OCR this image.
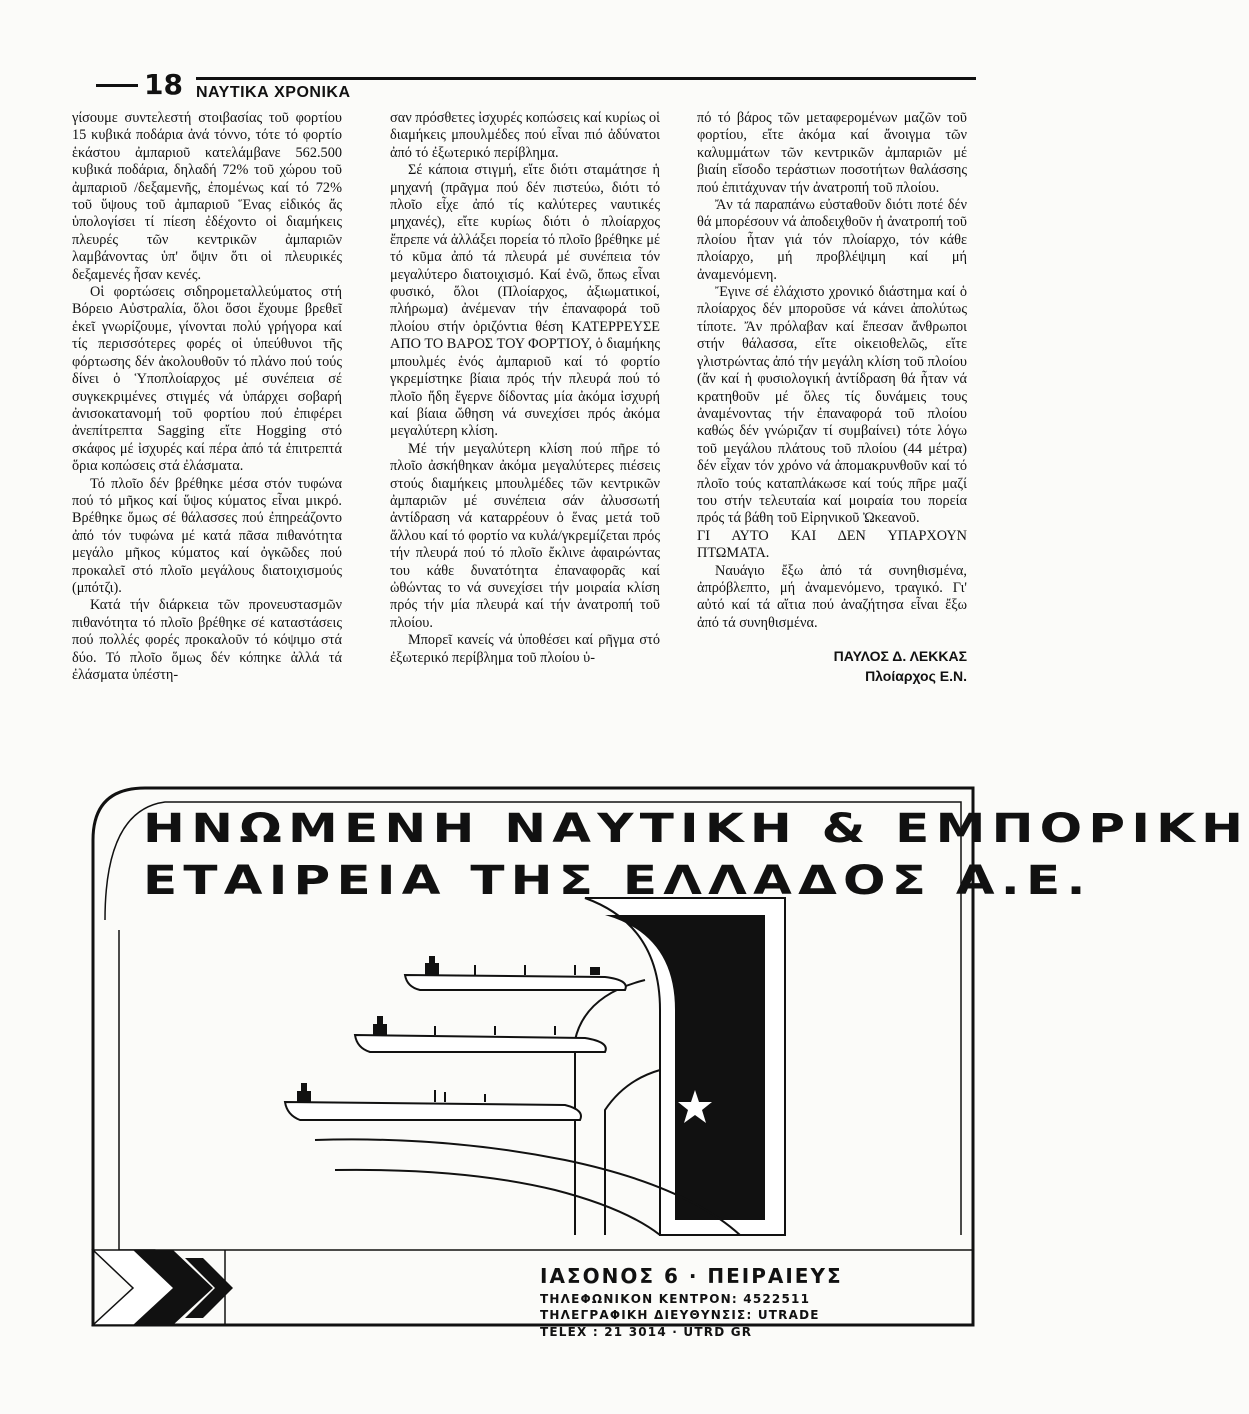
18 ΝΑΥΤΙΚΑ ΧΡΟΝΙΚΑ

γίσουμε συντελεστή στοιβασίας τοῦ φορτίου 15 κυβικά ποδάρια ἀνά τόννο, τότε τό φορτίο ἑκάστου ἀμπαριοῦ κατελάμβανε 562.500 κυβικά ποδάρια, δηλαδή 72% τοῦ χώρου τοῦ ἀμπαριοῦ /δεξαμενῆς, ἐπομένως καί τό 72% τοῦ ὕψους τοῦ ἀμπαριοῦ Ἕνας εἰδικός ἄς ὑπολογίσει τί πίεση ἐδέχοντο οἱ διαμήκεις πλευρές τῶν κεντρικῶν ἀμπαριῶν λαμβάνοντας ὑπ' ὄψιν ὅτι οἱ πλευρικές δεξαμενές ἦσαν κενές.

Οἱ φορτώσεις σιδηρομεταλλεύματος στή Βόρειο Αὐστραλία, ὅλοι ὅσοι ἔχουμε βρεθεῖ ἐκεῖ γνωρίζουμε, γίνονται πολύ γρήγορα καί τίς περισσότερες φορές οἱ ὑπεύθυνοι τῆς φόρτωσης δέν ἀκολουθοῦν τό πλάνο πού τούς δίνει ὁ Ὑποπλοίαρχος μέ συνέπεια σέ συγκεκριμένες στιγμές νά ὑπάρχει σοβαρή ἀνισοκατανομή τοῦ φορτίου πού ἐπιφέρει ἀνεπίτρεπτα Sagging εἴτε Hogging στό σκάφος μέ ἰσχυρές καί πέρα ἀπό τά ἐπιτρεπτά ὅρια κοπώσεις στά ἐλάσματα.

Τό πλοῖο δέν βρέθηκε μέσα στόν τυφώνα πού τό μῆκος καί ὕψος κύματος εἶναι μικρό. Βρέθηκε ὅμως σέ θάλασσες πού ἐπηρεάζοντο ἀπό τόν τυφώνα μέ κατά πᾶσα πιθανότητα μεγάλο μῆκος κύματος καί ὀγκῶδες πού προκαλεῖ στό πλοῖο μεγάλους διατοιχισμούς (μπότζι).

Κατά τήν διάρκεια τῶν προνευστασμῶν πιθανότητα τό πλοῖο βρέθηκε σέ καταστάσεις πού πολλές φορές προκαλοῦν τό κόψιμο στά δύο. Τό πλοῖο ὅμως δέν κόπηκε ἀλλά τά ἐλάσματα ὑπέστη-

σαν πρόσθετες ἰσχυρές κοπώσεις καί κυρίως οἱ διαμήκεις μπουλμέδες πού εἶναι πιό ἀδύνατοι ἀπό τό ἐξωτερικό περίβλημα.

Σέ κάποια στιγμή, εἴτε διότι σταμάτησε ἡ μηχανή (πρᾶγμα πού δέν πιστεύω, διότι τό πλοῖο εἶχε ἀπό τίς καλύτερες ναυτικές μηχανές), εἴτε κυρίως διότι ὁ πλοίαρχος ἔπρεπε νά ἀλλάξει πορεία τό πλοῖο βρέθηκε μέ τό κῦμα ἀπό τά πλευρά μέ συνέπεια τόν μεγαλύτερο διατοιχισμό. Καί ἐνῶ, ὅπως εἶναι φυσικό, ὅλοι (Πλοίαρχος, ἀξιωματικοί, πλήρωμα) ἀνέμεναν τήν ἐπαναφορά τοῦ πλοίου στήν ὁριζόντια θέση ΚΑΤΕΡΡΕΥΣΕ ΑΠΟ ΤΟ ΒΑΡΟΣ ΤΟΥ ΦΟΡΤΙΟΥ, ὁ διαμήκης μπουλμές ἑνός ἀμπαριοῦ καί τό φορτίο γκρεμίστηκε βίαια πρός τήν πλευρά πού τό πλοῖο ἤδη ἔγερνε δίδοντας μία ἀκόμα ἰσχυρή καί βίαια ὤθηση νά συνεχίσει πρός ἀκόμα μεγαλύτερη κλίση.

Μέ τήν μεγαλύτερη κλίση πού πῆρε τό πλοῖο ἀσκήθηκαν ἀκόμα μεγαλύτερες πιέσεις στούς διαμήκεις μπουλμέδες τῶν κεντρικῶν ἀμπαριῶν μέ συνέπεια σάν ἀλυσσωτή ἀντίδραση νά καταρρέουν ὁ ἕνας μετά τοῦ ἄλλου καί τό φορτίο να κυλά/γκρεμίζεται πρός τήν πλευρά πού τό πλοῖο ἔκλινε ἀφαιρώντας του κάθε δυνατότητα ἐπαναφορᾶς καί ὠθώντας το νά συνεχίσει τήν μοιραία κλίση πρός τήν μία πλευρά καί τήν ἀνατροπή τοῦ πλοίου.

Μπορεῖ κανείς νά ὑποθέσει καί ρῆγμα στό ἐξωτερικό περίβλημα τοῦ πλοίου ὑ-

πό τό βάρος τῶν μεταφερομένων μαζῶν τοῦ φορτίου, εἴτε ἀκόμα καί ἄνοιγμα τῶν καλυμμάτων τῶν κεντρικῶν ἀμπαριῶν μέ βιαίη εἴσοδο τεράστιων ποσοτήτων θαλάσσης πού ἐπιτάχυναν τήν ἀνατροπή τοῦ πλοίου.

Ἄν τά παραπάνω εὐσταθοῦν διότι ποτέ δέν θά μπορέσουν νά ἀποδειχθοῦν ἡ ἀνατροπή τοῦ πλοίου ἦταν γιά τόν πλοίαρχο, τόν κάθε πλοίαρχο, μή προβλέψιμη καί μή ἀναμενόμενη.

Ἔγινε σέ ἐλάχιστο χρονικό διάστημα καί ὁ πλοίαρχος δέν μποροῦσε νά κάνει ἀπολύτως τίποτε. Ἄν πρόλαβαν καί ἔπεσαν ἄνθρωποι στήν θάλασσα, εἴτε οἰκειοθελῶς, εἴτε γλιστρώντας ἀπό τήν μεγάλη κλίση τοῦ πλοίου (ἄν καί ἡ φυσιολογική ἀντίδραση θά ἦταν νά κρατηθοῦν μέ ὅλες τίς δυνάμεις τους ἀναμένοντας τήν ἐπαναφορά τοῦ πλοίου καθώς δέν γνώριζαν τί συμβαίνει) τότε λόγω τοῦ μεγάλου πλάτους τοῦ πλοίου (44 μέτρα) δέν εἶχαν τόν χρόνο νά ἀπομακρυνθοῦν καί τό πλοῖο τούς καταπλάκωσε καί τούς πῆρε μαζί του στήν τελευταία καί μοιραία του πορεία πρός τά βάθη τοῦ Εἰρηνικοῦ Ὠκεανοῦ.

ΓΙ ΑΥΤΟ ΚΑΙ ΔΕΝ ΥΠΑΡΧΟΥΝ ΠΤΩΜΑΤΑ.

Ναυάγιο ἔξω ἀπό τά συνηθισμένα, ἀπρόβλεπτο, μή ἀναμενόμενο, τραγικό. Γι' αὐτό καί τά αἴτια πού ἀναζήτησα εἶναι ἔξω ἀπό τά συνηθισμένα.

ΠΑΥΛΟΣ Δ. ΛΕΚΚΑΣ
Πλοίαρχος Ε.Ν.
ΗΝΩΜΕΝΗ ΝΑΥΤΙΚΗ & ΕΜΠΟΡΙΚΗ
ΕΤΑΙΡΕΙΑ ΤΗΣ ΕΛΛΑΔΟΣ Α.Ε.
ΙΑΣΟΝΟΣ 6 · ΠΕΙΡΑΙΕΥΣ
ΤΗΛΕΦΩΝΙΚΟΝ ΚΕΝΤΡΟΝ: 4522511
ΤΗΛΕΓΡΑΦΙΚΗ ΔΙΕΥΘΥΝΣΙΣ: UTRADE
TELEX : 21 3014 · UTRD GR
